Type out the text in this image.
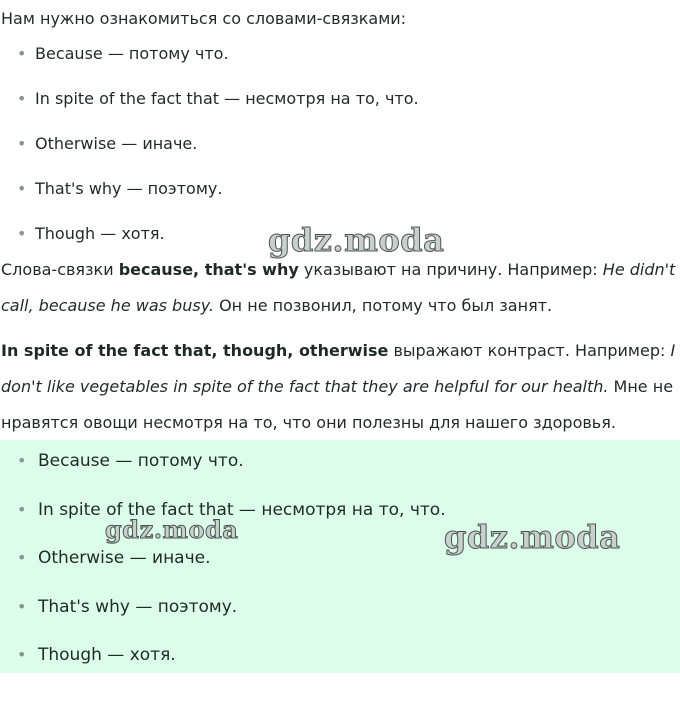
Нам нужно ознакомиться со словами-связками:

• Because — потому что.
• In spite of the fact that — несмотря на то, что.
• Otherwise — иначе.
• That's why — поэтому.
• Though — хотя.

Слова-связки because, that's why указывают на причину. Например: He didn't call, because he was busy. Он не позвонил, потому что был занят.

In spite of the fact that, though, otherwise выражают контраст. Например: I don't like vegetables in spite of the fact that they are helpful for our health. Мне не нравятся овощи несмотря на то, что они полезны для нашего здоровья.

• Because — потому что.
• In spite of the fact that — несмотря на то, что.
• Otherwise — иначе.
• That's why — поэтому.
• Though — хотя.
gdz.moda
gdz.moda	gdz.moda
